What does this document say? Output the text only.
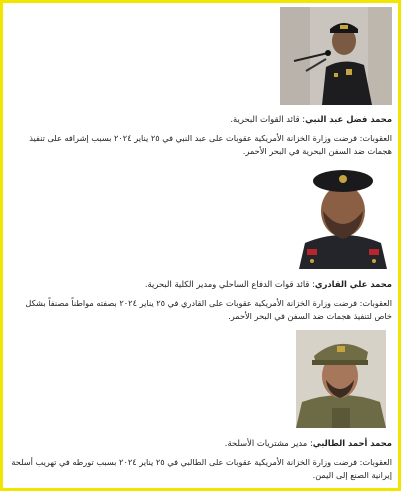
محمد فضل عبد النبي: قائد القوات البحرية.
العقوبات: فرضت وزارة الخزانة الأمريكية عقوبات على عبد النبي في ٢٥ يناير ٢٠٢٤ بسبب إشرافه على تنفيذ هجمات ضد السفن البحرية في البحر الأحمر.
محمد علي القادري: قائد قوات الدفاع الساحلي ومدير الكلية البحرية.
العقوبات: فرضت وزارة الخزانة الأمريكية عقوبات على القادري في ٢٥ يناير ٢٠٢٤ بصفته مواطناً مصنفاً بشكل خاص لتنفيذ هجمات ضد السفن في البحر الأحمر.
محمد أحمد الطالبي: مدير مشتريات الأسلحة.
العقوبات: فرضت وزارة الخزانة الأمريكية عقوبات على الطالبي في ٢٥ يناير ٢٠٢٤ بسبب تورطه في تهريب أسلحة إيرانية الصنع إلى اليمن.
